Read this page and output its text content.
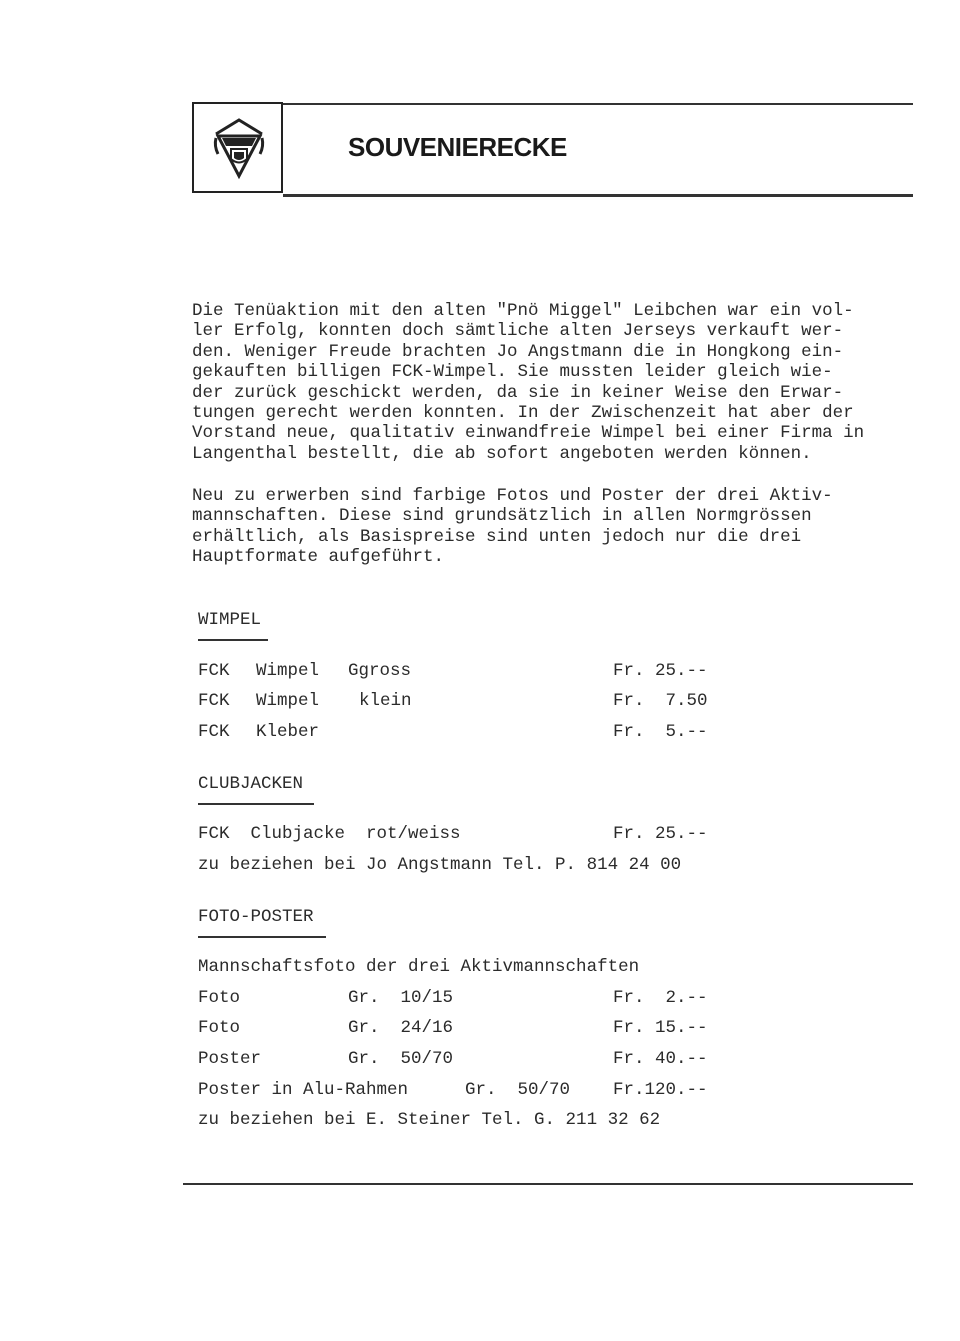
SOUVENIERECKE
Die Tenüaktion mit den alten "Pnö Miggel" Leibchen war ein vol-
ler Erfolg, konnten doch sämtliche alten Jerseys verkauft wer-
den. Weniger Freude brachten Jo Angstmann die in Hongkong ein-
gekauften billigen FCK-Wimpel. Sie mussten leider gleich wie-
der zurück geschickt werden, da sie in keiner Weise den Erwar-
tungen gerecht werden konnten. In der Zwischenzeit hat aber der
Vorstand neue, qualitativ einwandfreie Wimpel bei einer Firma in
Langenthal bestellt, die ab sofort angeboten werden können.
Neu zu erwerben sind farbige Fotos und Poster der drei Aktiv-
mannschaften. Diese sind grundsätzlich in allen Normgrössen
erhältlich, als Basispreise sind unten jedoch nur die drei
Hauptformate aufgeführt.
WIMPEL
FCK Wimpel Ggross	Fr. 25.--
FCK Wimpel klein	Fr.  7.50
FCK Kleber	Fr.  5.--
CLUBJACKEN
FCK  Clubjacke  rot/weiss	Fr. 25.--
zu beziehen bei Jo Angstmann Tel. P. 814 24 00
FOTO-POSTER
Mannschaftsfoto der drei Aktivmannschaften
Foto	Gr.  10/15	Fr.  2.--
Foto	Gr.  24/16	Fr. 15.--
Poster	Gr.  50/70	Fr. 40.--
Poster in Alu-Rahmen	Gr.  50/70 Fr.120.--
zu beziehen bei E. Steiner Tel. G. 211 32 62
